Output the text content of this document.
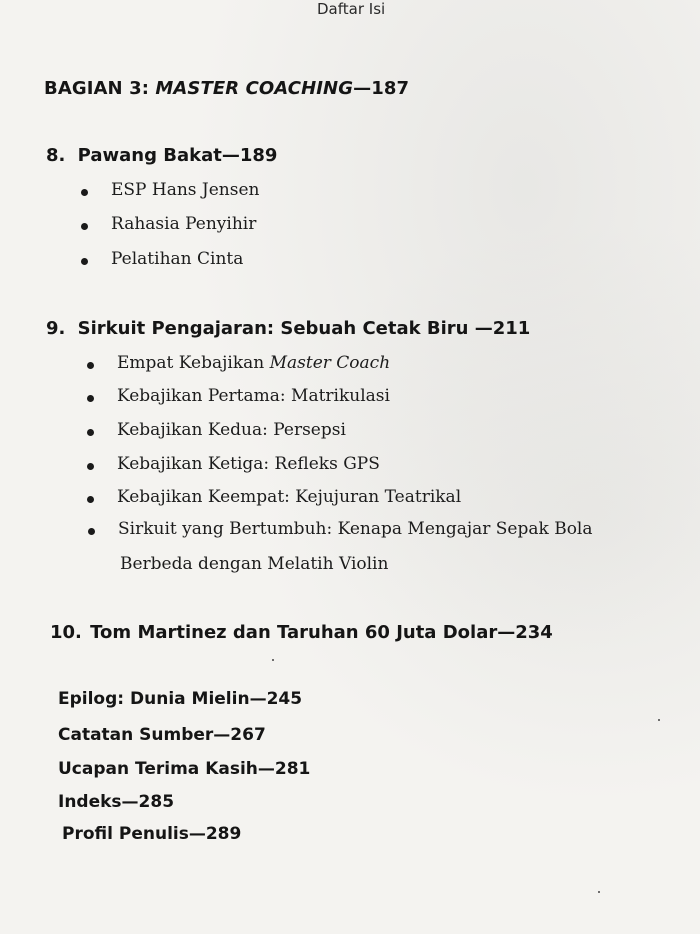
Daftar Isi
BAGIAN 3: MASTER COACHING—187
8. Pawang Bakat—189
ESP Hans Jensen
Rahasia Penyihir
Pelatihan Cinta
9. Sirkuit Pengajaran: Sebuah Cetak Biru —211
Empat Kebajikan Master Coach
Kebajikan Pertama: Matrikulasi
Kebajikan Kedua: Persepsi
Kebajikan Ketiga: Refleks GPS
Kebajikan Keempat: Kejujuran Teatrikal
Sirkuit yang Bertumbuh: Kenapa Mengajar Sepak Bola
Berbeda dengan Melatih Violin
10. Tom Martinez dan Taruhan 60 Juta Dolar—234
Epilog: Dunia Mielin—245
Catatan Sumber—267
Ucapan Terima Kasih—281
Indeks—285
Profil Penulis—289
